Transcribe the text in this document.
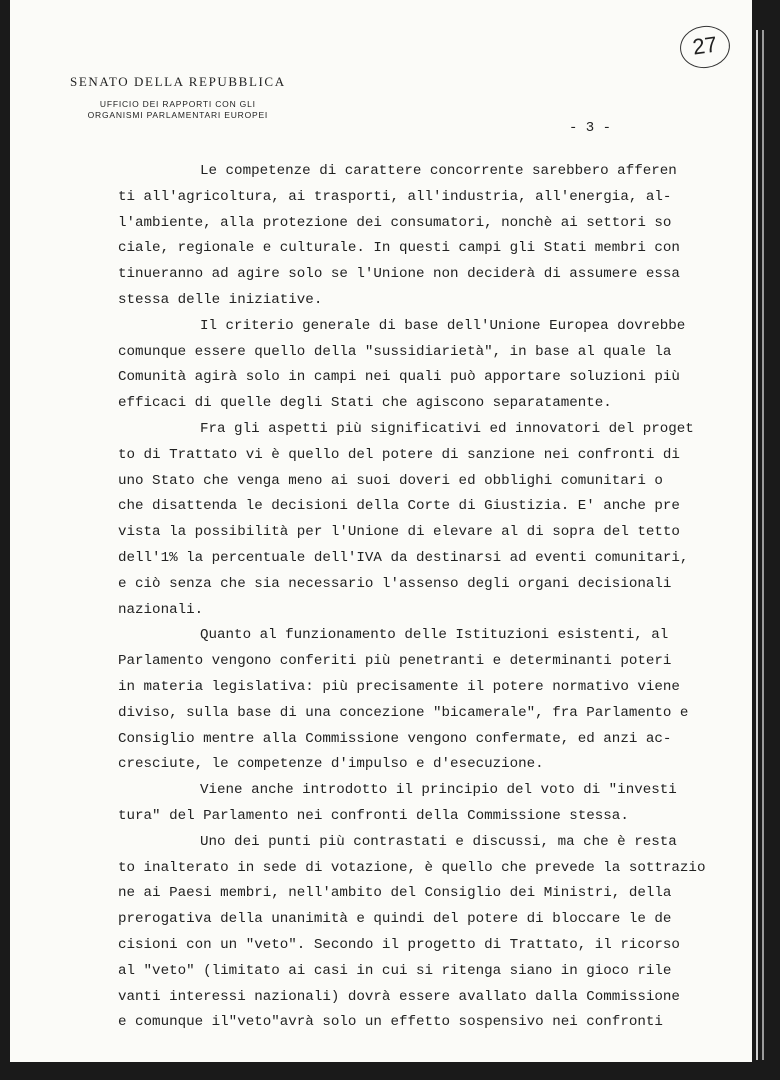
SENATO DELLA REPUBBLICA
UFFICIO DEI RAPPORTI CON GLI
ORGANISMI PARLAMENTARI EUROPEI
27
- 3 -
Le competenze di carattere concorrente sarebbero afferen
ti all'agricoltura, ai trasporti, all'industria, all'energia, al-
l'ambiente, alla protezione dei consumatori, nonchè ai settori so
ciale, regionale e culturale. In questi campi gli Stati membri con
tinueranno ad agire solo se l'Unione non deciderà di assumere essa
stessa delle iniziative.
Il criterio generale di base dell'Unione Europea dovrebbe
comunque essere quello della "sussidiarietà", in base al quale la
Comunità agirà solo in campi nei quali può apportare soluzioni più
efficaci di quelle degli Stati che agiscono separatamente.
Fra gli aspetti più significativi ed innovatori del proget
to di Trattato vi è quello del potere di sanzione nei confronti di
uno Stato che venga meno ai suoi doveri ed obblighi comunitari o
che disattenda le decisioni della Corte di Giustizia. E' anche pre
vista la possibilità per l'Unione di elevare al di sopra del tetto
dell'1% la percentuale dell'IVA da destinarsi ad eventi comunitari,
e ciò senza che sia necessario l'assenso degli organi decisionali
nazionali.
Quanto al funzionamento delle Istituzioni esistenti, al
Parlamento vengono conferiti più penetranti e determinanti poteri
in materia legislativa: più precisamente il potere normativo viene
diviso, sulla base di una concezione "bicamerale", fra Parlamento e
Consiglio mentre alla Commissione vengono confermate, ed anzi ac-
cresciute, le competenze d'impulso e d'esecuzione.
Viene anche introdotto il principio del voto di "investi
tura" del Parlamento nei confronti della Commissione stessa.
Uno dei punti più contrastati e discussi, ma che è resta
to inalterato in sede di votazione, è quello che prevede la sottrazio
ne ai Paesi membri, nell'ambito del Consiglio dei Ministri, della
prerogativa della unanimità e quindi del potere di bloccare le de
cisioni con un "veto". Secondo il progetto di Trattato, il ricorso
al "veto" (limitato ai casi in cui si ritenga siano in gioco rile
vanti interessi nazionali) dovrà essere avallato dalla Commissione
e comunque il"veto"avrà solo un effetto sospensivo nei confronti
